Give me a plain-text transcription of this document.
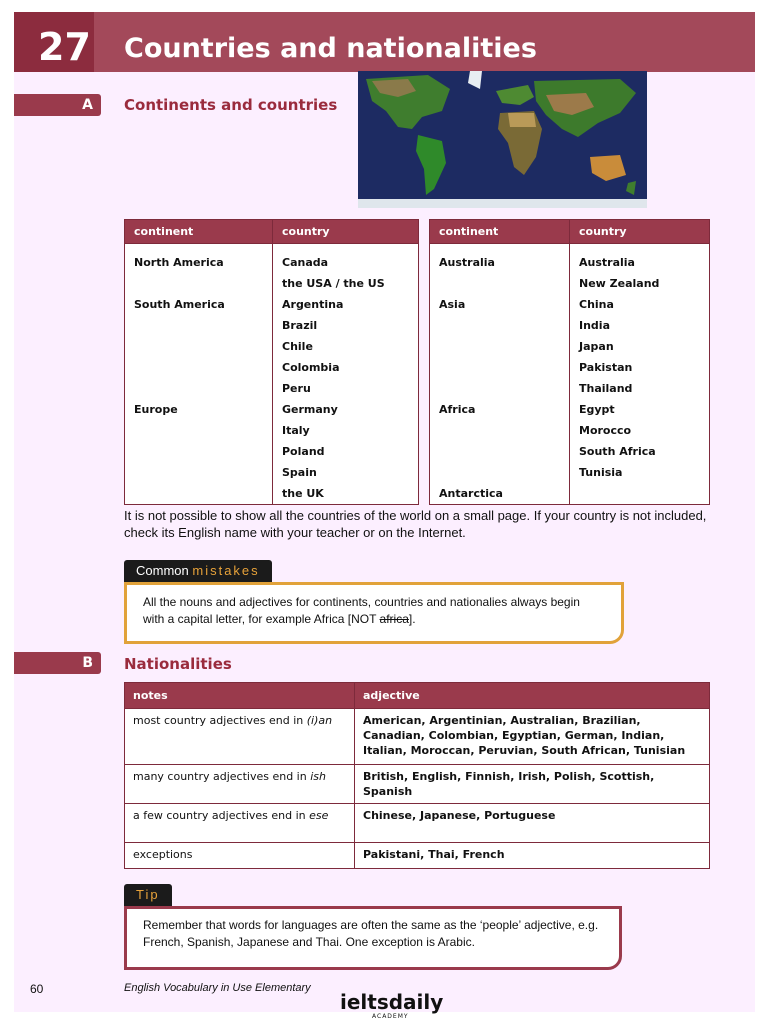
27 Countries and nationalities
A Continents and countries
continent	country

North America	Canada
	the USA / the US
South America	Argentina
	Brazil
	Chile
	Colombia
	Peru
Europe	Germany
	Italy
	Poland
	Spain
	the UK
continent	country

Australia	Australia
	New Zealand
Asia	China
	India
	Japan
	Pakistan
	Thailand
Africa	Egypt
	Morocco
	South Africa
	Tunisia
Antarctica	
It is not possible to show all the countries of the world on a small page. If your country is not included, check its English name with your teacher or on the Internet.
Common mistakes

All the nouns and adjectives for continents, countries and nationalies always begin with a capital letter, for example Africa [NOT africa].

B Nationalities
notes	adjective
most country adjectives end in (i)an	American, Argentinian, Australian, Brazilian, Canadian, Colombian, Egyptian, German, Indian, Italian, Moroccan, Peruvian, South African, Tunisian
many country adjectives end in ish	British, English, Finnish, Irish, Polish, Scottish, Spanish
a few country adjectives end in ese	Chinese, Japanese, Portuguese
exceptions	Pakistani, Thai, French
Tip

Remember that words for languages are often the same as the ‘people’ adjective, e.g. French, Spanish, Japanese and Thai. One exception is Arabic.

60	English Vocabulary in Use Elementary
ieltsdaily
ACADEMY
